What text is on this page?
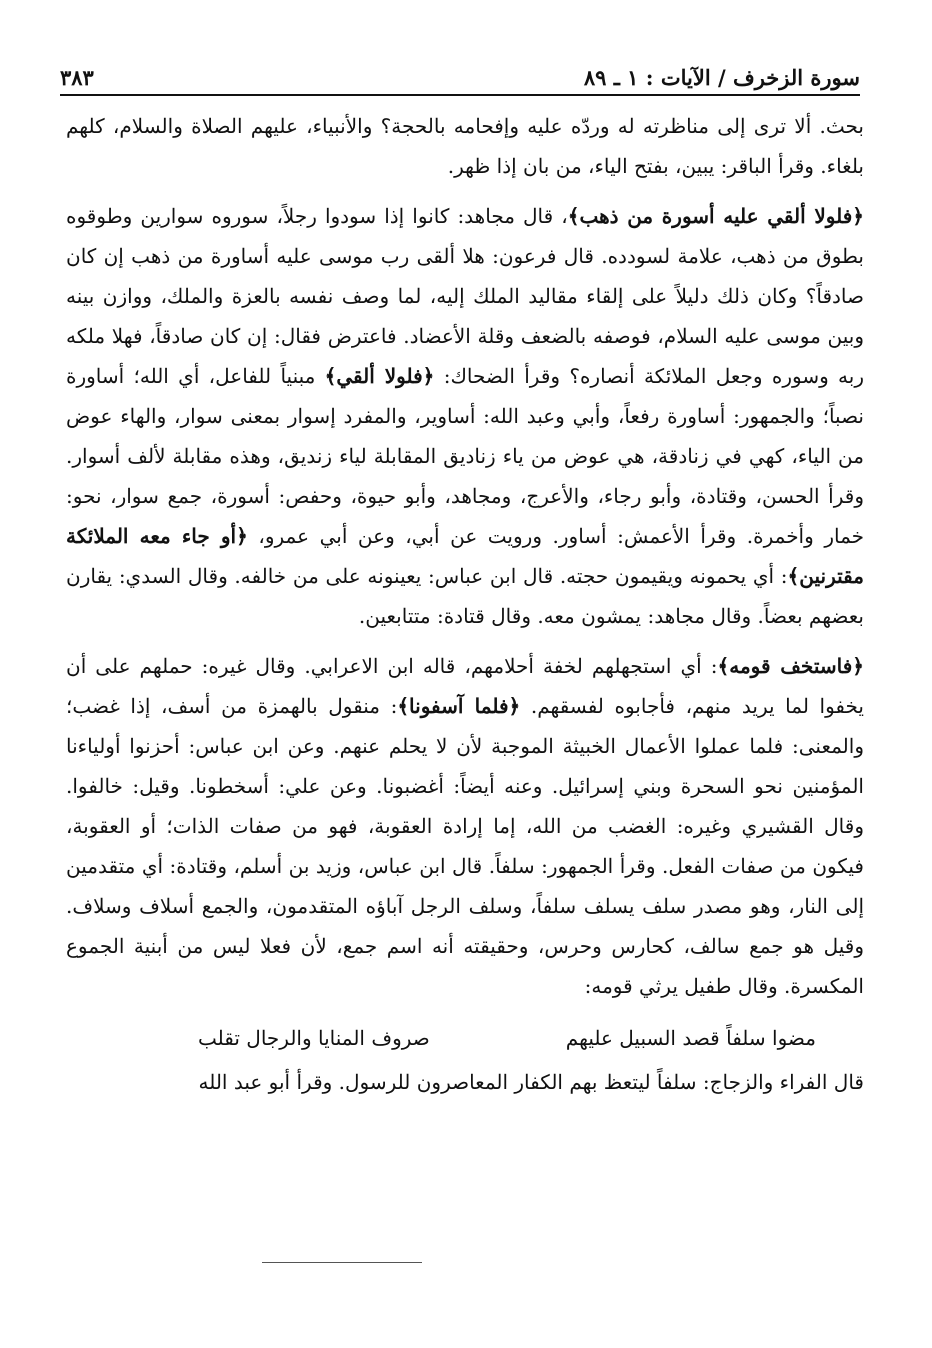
سورة الزخرف / الآيات : ١ ـ ٨٩
٣٨٣

بحث. ألا ترى إلى مناظرته له وردّه عليه وإفحامه بالحجة؟ والأنبياء، عليهم الصلاة والسلام، كلهم بلغاء. وقرأ الباقر: يبين، بفتح الياء، من بان إذا ظهر.

﴿فلولا ألقي عليه أسورة من ذهب﴾، قال مجاهد: كانوا إذا سودوا رجلاً، سوروه سوارين وطوقوه بطوق من ذهب، علامة لسودده. قال فرعون: هلا ألقى رب موسى عليه أساورة من ذهب إن كان صادقاً؟ وكان ذلك دليلاً على إلقاء مقاليد الملك إليه، لما وصف نفسه بالعزة والملك، ووازن بينه وبين موسى عليه السلام، فوصفه بالضعف وقلة الأعضاد. فاعترض فقال: إن كان صادقاً، فهلا ملكه ربه وسوره وجعل الملائكة أنصاره؟ وقرأ الضحاك: ﴿فلولا ألقي﴾ مبنياً للفاعل، أي الله؛ أساورة نصباً؛ والجمهور: أساورة رفعاً، وأبي وعبد الله: أساوير، والمفرد إسوار بمعنى سوار، والهاء عوض من الياء، كهي في زنادقة، هي عوض من ياء زناديق المقابلة لياء زنديق، وهذه مقابلة لألف أسوار. وقرأ الحسن، وقتادة، وأبو رجاء، والأعرج، ومجاهد، وأبو حيوة، وحفص: أسورة، جمع سوار، نحو: خمار وأخمرة. وقرأ الأعمش: أساور. ورويت عن أبي، وعن أبي عمرو، ﴿أو جاء معه الملائكة مقترنين﴾: أي يحمونه ويقيمون حجته. قال ابن عباس: يعينونه على من خالفه. وقال السدي: يقارن بعضهم بعضاً. وقال مجاهد: يمشون معه. وقال قتادة: متتابعين.

﴿فاستخف قومه﴾: أي استجهلهم لخفة أحلامهم، قاله ابن الاعرابي. وقال غيره: حملهم على أن يخفوا لما يريد منهم، فأجابوه لفسقهم. ﴿فلما آسفونا﴾: منقول بالهمزة من أسف، إذا غضب؛ والمعنى: فلما عملوا الأعمال الخبيثة الموجبة لأن لا يحلم عنهم. وعن ابن عباس: أحزنوا أولياءنا المؤمنين نحو السحرة وبني إسرائيل. وعنه أيضاً: أغضبونا. وعن علي: أسخطونا. وقيل: خالفوا. وقال القشيري وغيره: الغضب من الله، إما إرادة العقوبة، فهو من صفات الذات؛ أو العقوبة، فيكون من صفات الفعل. وقرأ الجمهور: سلفاً. قال ابن عباس، وزيد بن أسلم، وقتادة: أي متقدمين إلى النار، وهو مصدر سلف يسلف سلفاً، وسلف الرجل آباؤه المتقدمون، والجمع أسلاف وسلاف. وقيل هو جمع سالف، كحارس وحرس، وحقيقته أنه اسم جمع، لأن فعلا ليس من أبنية الجموع المكسرة. وقال طفيل يرثي قومه:

مضوا سلفاً قصد السبيل عليهم
صروف المنايا والرجال تقلب

قال الفراء والزجاج: سلفاً ليتعظ بهم الكفار المعاصرون للرسول. وقرأ أبو عبد الله
